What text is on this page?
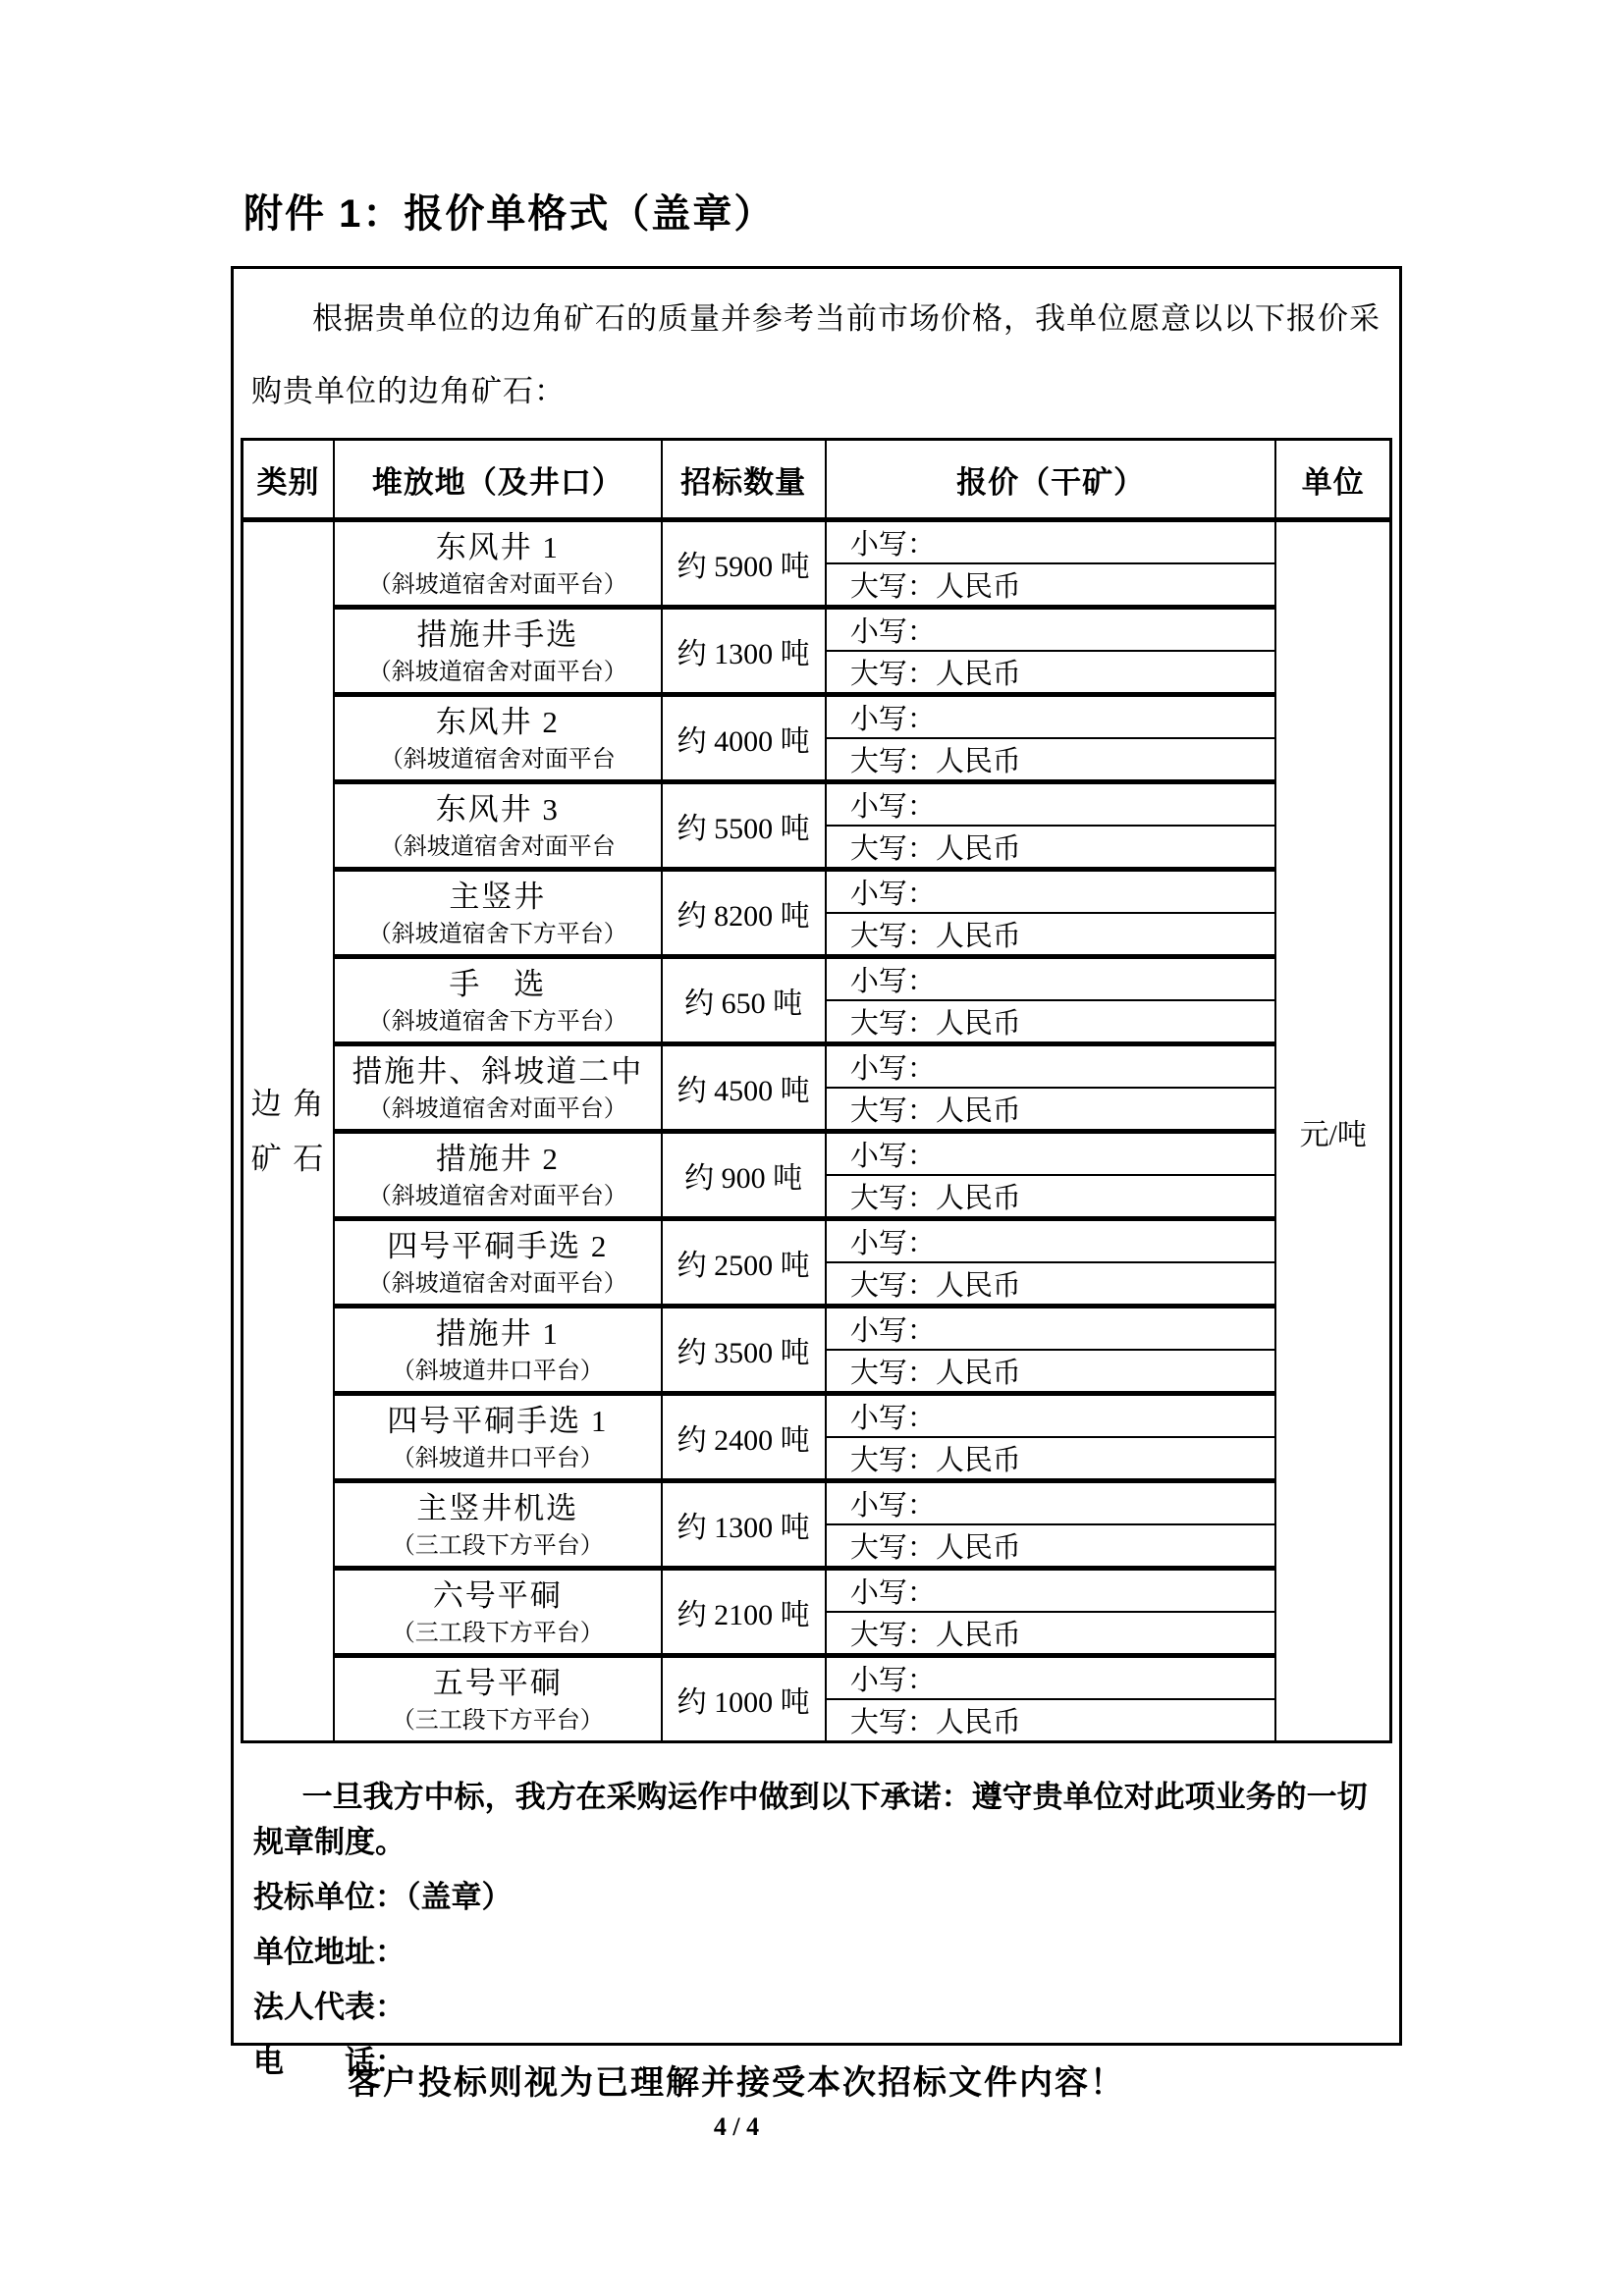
附件 1：报价单格式（盖章）

根据贵单位的边角矿石的质量并参考当前市场价格，我单位愿意以以下报价采购贵单位的边角矿石：

类别	堆放地（及井口）	招标数量	报价（干矿）	单位

边 角
矿 石

东风井 1
（斜坡道宿舍对面平台）
	约 5900 吨	小写：	元/吨
			大写：人民币	

	措施井手选
（斜坡道宿舍对面平台）	约 1300 吨	小写：	
			大写：人民币	

	东风井 2
（斜坡道宿舍对面平台	约 4000 吨	小写：	
			大写：人民币	

	东风井 3
（斜坡道宿舍对面平台	约 5500 吨	小写：	
			大写：人民币	

	主竖井
（斜坡道宿舍下方平台）	约 8200 吨	小写：	
			大写：人民币	

	手　选
（斜坡道宿舍下方平台）	约 650 吨	小写：	
			大写：人民币	

	措施井、斜坡道二中
（斜坡道宿舍对面平台）	约 4500 吨	小写：	
			大写：人民币	

	措施井 2
（斜坡道宿舍对面平台）	约 900 吨	小写：	
			大写：人民币	

	四号平硐手选 2
（斜坡道宿舍对面平台）	约 2500 吨	小写：	
			大写：人民币	

	措施井 1
（斜坡道井口平台）	约 3500 吨	小写：	
			大写：人民币	

	四号平硐手选 1
（斜坡道井口平台）	约 2400 吨	小写：	
			大写：人民币	

	主竖井机选
（三工段下方平台）	约 1300 吨	小写：	
			大写：人民币	

	六号平硐
（三工段下方平台）	约 2100 吨	小写：	
			大写：人民币	

	五号平硐
（三工段下方平台）	约 1000 吨	小写：	
			大写：人民币	

一旦我方中标，我方在采购运作中做到以下承诺：遵守贵单位对此项业务的一切规章制度。

投标单位：（盖章）
单位地址：
法人代表：
电　　话：
客户投标则视为已理解并接受本次招标文件内容！
4 / 4
